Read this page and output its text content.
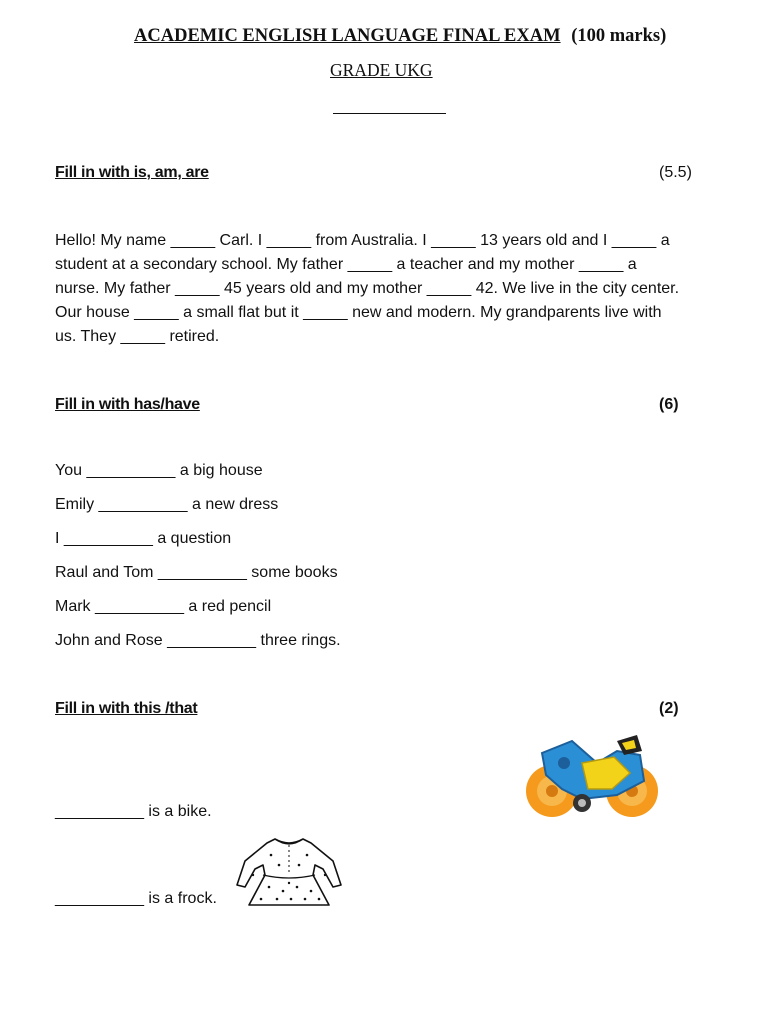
ACADEMIC ENGLISH LANGUAGE FINAL EXAM (100 marks)
GRADE UKG
Fill in with is, am, are	(5.5)
Hello! My name _____ Carl. I _____ from Australia. I _____ 13 years old and I _____ a
student at a secondary school. My father _____ a teacher and my mother _____ a
nurse. My father _____ 45 years old and my mother _____ 42. We live in the city center.
Our house _____ a small flat but it _____ new and modern. My grandparents live with
us. They _____ retired.
Fill in with has/have	(6)
You __________ a big house
Emily __________ a new dress
I __________ a question
Raul and Tom __________ some books
Mark __________ a red pencil
John and Rose __________ three rings.
Fill in with this /that	(2)
__________ is a bike.
__________ is a frock.
